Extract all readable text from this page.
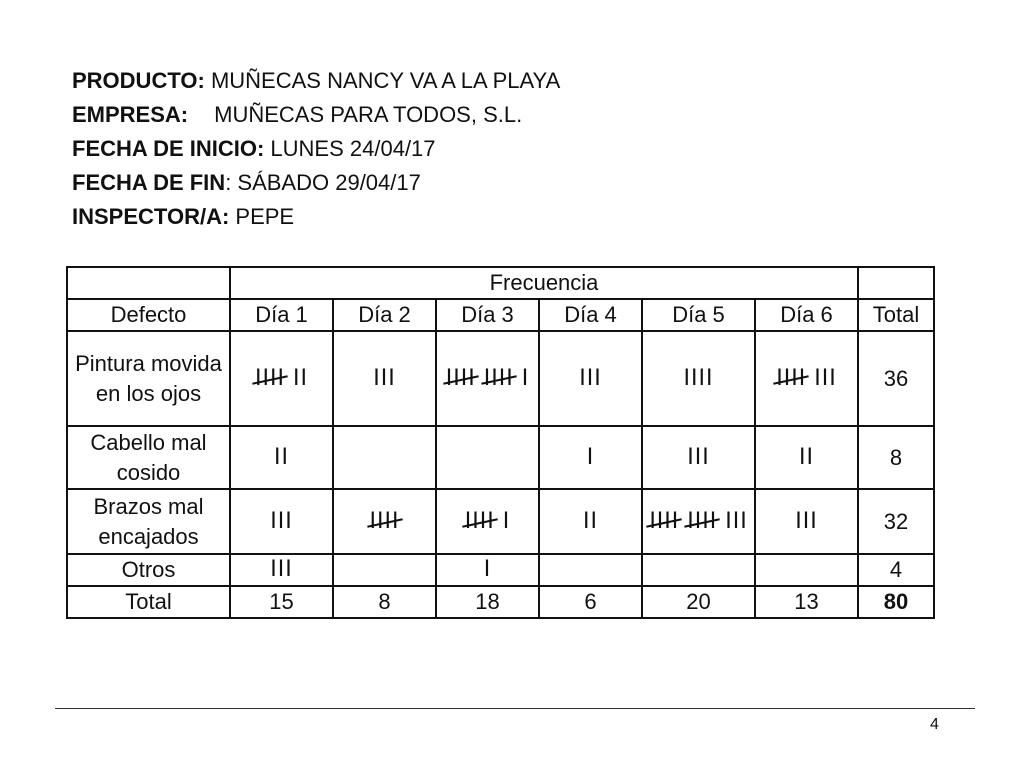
PRODUCTO: MUÑECAS NANCY VA A LA PLAYA
EMPRESA: MUÑECAS PARA TODOS, S.L.
FECHA DE INICIO: LUNES 24/04/17
FECHA DE FIN: SÁBADO 29/04/17
INSPECTOR/A: PEPE
	Frecuencia						
Defecto	Día 1	Día 2	Día 3	Día 4	Día 5	Día 6	Total
Pintura movida en los ojos	IIII II	III	IIII IIII I	III	IIII	IIII III	36
Cabello mal cosido	II			I	III	II	8
Brazos mal encajados	III	IIII	IIII I	II	IIII IIII III	III	32
Otros	III		I				4
Total	15	8	18	6	20	13	80
4
